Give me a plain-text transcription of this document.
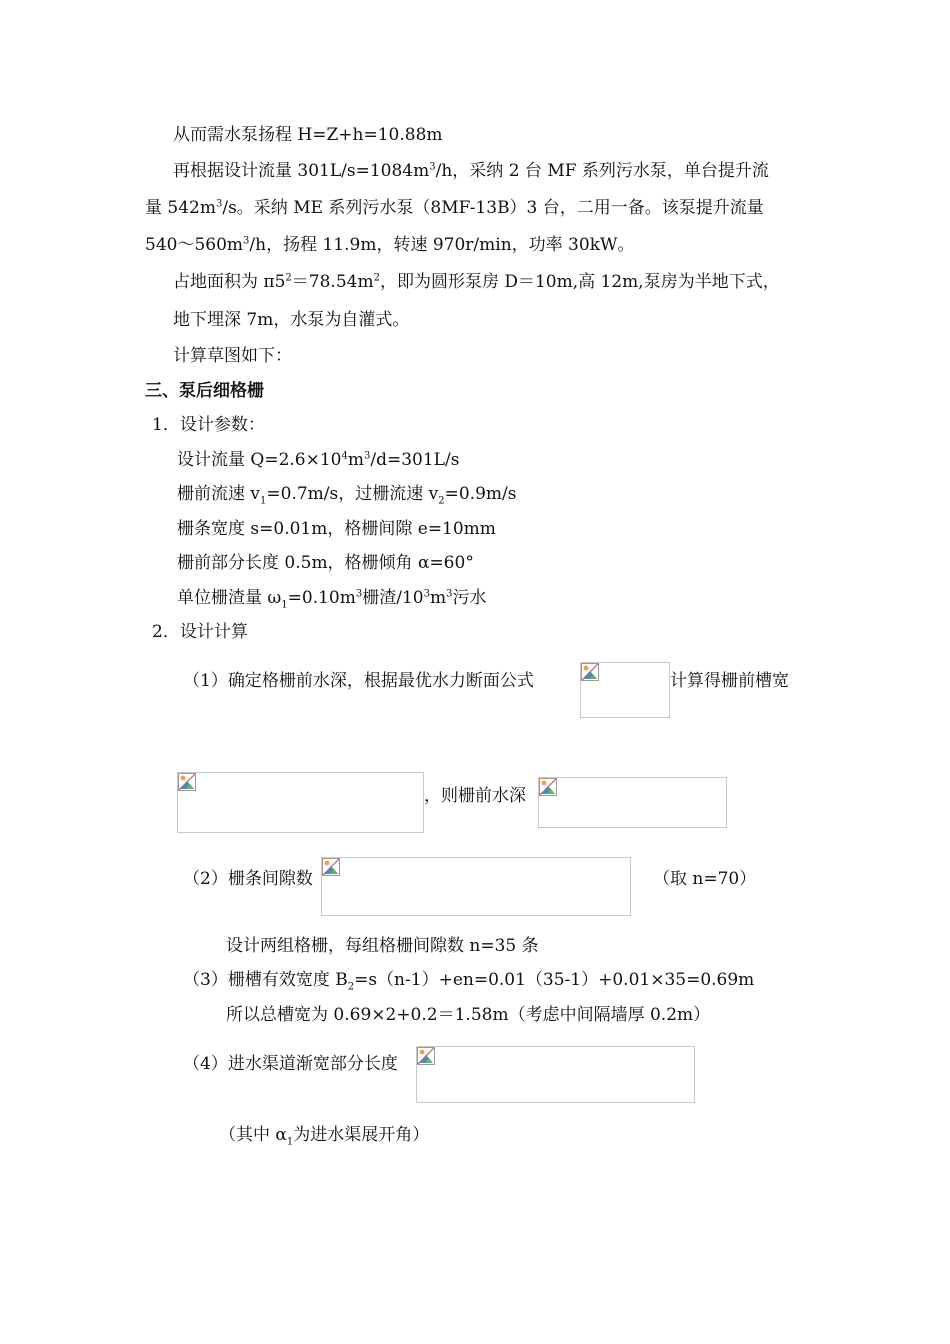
从而需水泵扬程 H=Z+h=10.88m
再根据设计流量 $301L/s=1084m^3/h$，采纳 2 台 MF 系列污水泵，单台提升流
量 $542m^3/s$。采纳 ME 系列污水泵（8MF-13B）3 台，二用一备。该泵提升流量
$540\sim 560m^3/h$，扬程 11.9m，转速 970r/min，功率 30kW。
占地面积为 $\pi 5^2=78.54m^2$，即为圆形泵房 D＝10m,高 12m,泵房为半地下式，
地下埋深 7m，水泵为自灌式。
计算草图如下：
三、泵后细格栅
1．设计参数：
设计流量 $Q=2.6\times 10^4m^3/d=301L/s$
栅前流速 $v_1=0.7m/s$，过栅流速 $v_2=0.9m/s$
栅条宽度 s=0.01m，格栅间隙 e=10mm
栅前部分长度 0.5m，格栅倾角 α=60°
单位栅渣量 $\omega_1=0.10m^3$栅渣$/10^3m^3$污水
2．设计计算
（1）确定格栅前水深，根据最优水力断面公式	计算得栅前槽宽
，则栅前水深
（2）栅条间隙数	（取 n=70）
设计两组格栅，每组格栅间隙数 n=35 条
（3）栅槽有效宽度 $B_2=s(n-1)+en=0.01(35-1)+0.01\times 35=0.69m$
所以总槽宽为 0.69×2+0.2＝1.58m（考虑中间隔墙厚 0.2m）
（4）进水渠道渐宽部分长度
（其中 $\alpha_1$为进水渠展开角）
